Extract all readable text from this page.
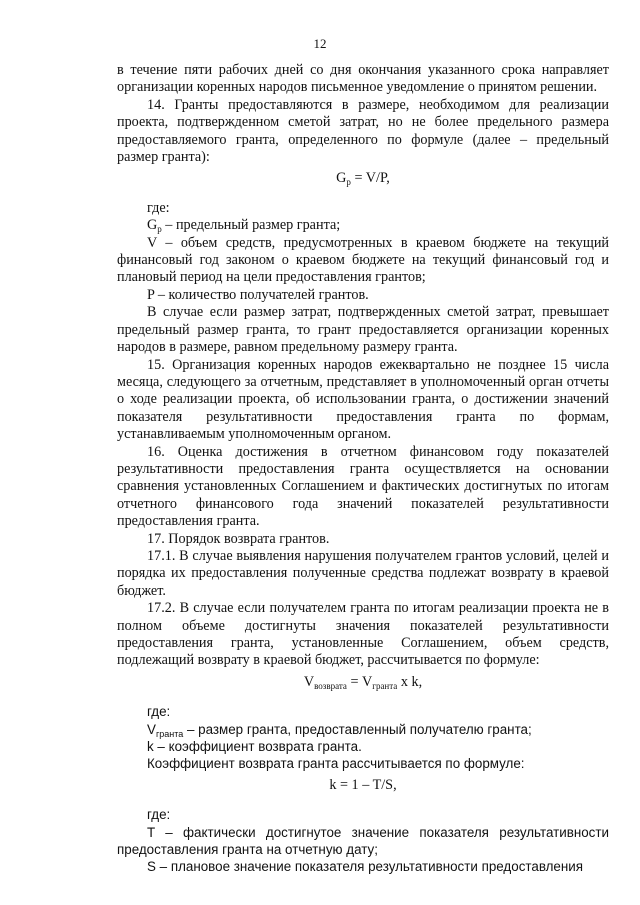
12

в течение пяти рабочих дней со дня окончания указанного срока направляет организации коренных народов письменное уведомление о принятом решении.

14. Гранты предоставляются в размере, необходимом для реализации проекта, подтвержденном сметой затрат, но не более предельного размера предоставляемого гранта, определенного по формуле (далее – предельный размер гранта):

$G_p = V/P$,

где:

$G_p$ – предельный размер гранта;

V – объем средств, предусмотренных в краевом бюджете на текущий финансовый год законом о краевом бюджете на текущий финансовый год и плановый период на цели предоставления грантов;

P – количество получателей грантов.

В случае если размер затрат, подтвержденных сметой затрат, превышает предельный размер гранта, то грант предоставляется организации коренных народов в размере, равном предельному размеру гранта.

15. Организация коренных народов ежеквартально не позднее 15 числа месяца, следующего за отчетным, представляет в уполномоченный орган отчеты о ходе реализации проекта, об использовании гранта, о достижении значений показателя результативности предоставления гранта по формам, устанавливаемым уполномоченным органом.

16. Оценка достижения в отчетном финансовом году показателей результативности предоставления гранта осуществляется на основании сравнения установленных Соглашением и фактических достигнутых по итогам отчетного финансового года значений показателей результативности предоставления гранта.

17. Порядок возврата грантов.

17.1. В случае выявления нарушения получателем грантов условий, целей и порядка их предоставления полученные средства подлежат возврату в краевой бюджет.

17.2. В случае если получателем гранта по итогам реализации проекта не в полном объеме достигнуты значения показателей результативности предоставления гранта, установленные Соглашением, объем средств, подлежащий возврату в краевой бюджет, рассчитывается по формуле:

$V_{возврата} = V_{гранта}$ x k,

где:

$V_{гранта}$ – размер гранта, предоставленный получателю гранта;

k – коэффициент возврата гранта.

Коэффициент возврата гранта рассчитывается по формуле:

k = 1 – T/S,

где:

T – фактически достигнутое значение показателя результативности предоставления гранта на отчетную дату;

S – плановое значение показателя результативности предоставления
